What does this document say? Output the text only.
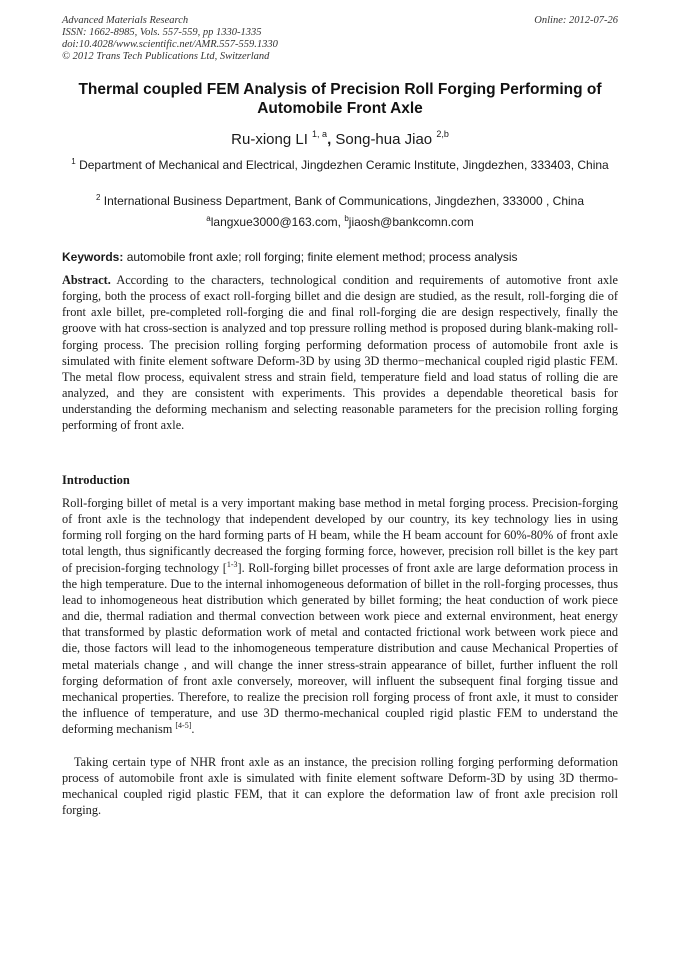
Advanced Materials Research
ISSN: 1662-8985, Vols. 557-559, pp 1330-1335
doi:10.4028/www.scientific.net/AMR.557-559.1330
© 2012 Trans Tech Publications Ltd, Switzerland
Online: 2012-07-26
Thermal coupled FEM Analysis of Precision Roll Forging Performing of Automobile Front Axle
Ru-xiong LI $^{1, a}$, Song-hua Jiao $^{2,b}$
$^1$ Department of Mechanical and Electrical, Jingdezhen Ceramic Institute, Jingdezhen, 333403, China
$^2$ International Business Department, Bank of Communications, Jingdezhen, 333000 , China
$^a$langxue3000@163.com, $^b$jiaosh@bankcomn.com
Keywords: automobile front axle; roll forging; finite element method; process analysis
Abstract. According to the characters, technological condition and requirements of automotive front axle forging, both the process of exact roll-forging billet and die design are studied, as the result, roll-forging die of front axle billet, pre-completed roll-forging die and final roll-forging die are design respectively, finally the groove with hat cross-section is analyzed and top pressure rolling method is proposed during blank-making roll-forging process. The precision rolling forging performing deformation process of automobile front axle is simulated with finite element software Deform-3D by using 3D thermo−mechanical coupled rigid plastic FEM. The metal flow process, equivalent stress and strain field, temperature field and load status of rolling die are analyzed, and they are consistent with experiments. This provides a dependable theoretical basis for understanding the deforming mechanism and selecting reasonable parameters for the precision rolling forging performing of front axle.
Introduction
Roll-forging billet of metal is a very important making base method in metal forging process. Precision-forging of front axle is the technology that independent developed by our country, its key technology lies in using forming roll forging on the hard forming parts of H beam, while the H beam account for 60%-80% of front axle total length, thus significantly decreased the forging forming force, however, precision roll billet is the key part of precision-forging technology [$^{1-3}$]. Roll-forging billet processes of front axle are large deformation process in the high temperature. Due to the internal inhomogeneous deformation of billet in the roll-forging processes, thus lead to inhomogeneous heat distribution which generated by billet forming; the heat conduction of work piece and die, thermal radiation and thermal convection between work piece and external environment, heat energy that transformed by plastic deformation work of metal and contacted frictional work between work piece and die, those factors will lead to the inhomogeneous temperature distribution and cause Mechanical Properties of metal materials change , and will change the inner stress-strain appearance of billet, further influent the roll forging deformation of front axle conversely, moreover, will influent the subsequent final forging tissue and mechanical properties. Therefore, to realize the precision roll forging process of front axle, it must to consider the influence of temperature, and use 3D thermo-mechanical coupled rigid plastic FEM to understand the deforming mechanism [4-5].
Taking certain type of NHR front axle as an instance, the precision rolling forging performing deformation process of automobile front axle is simulated with finite element software Deform-3D by using 3D thermo-mechanical coupled rigid plastic FEM, that it can explore the deformation law of front axle precision roll forging.
